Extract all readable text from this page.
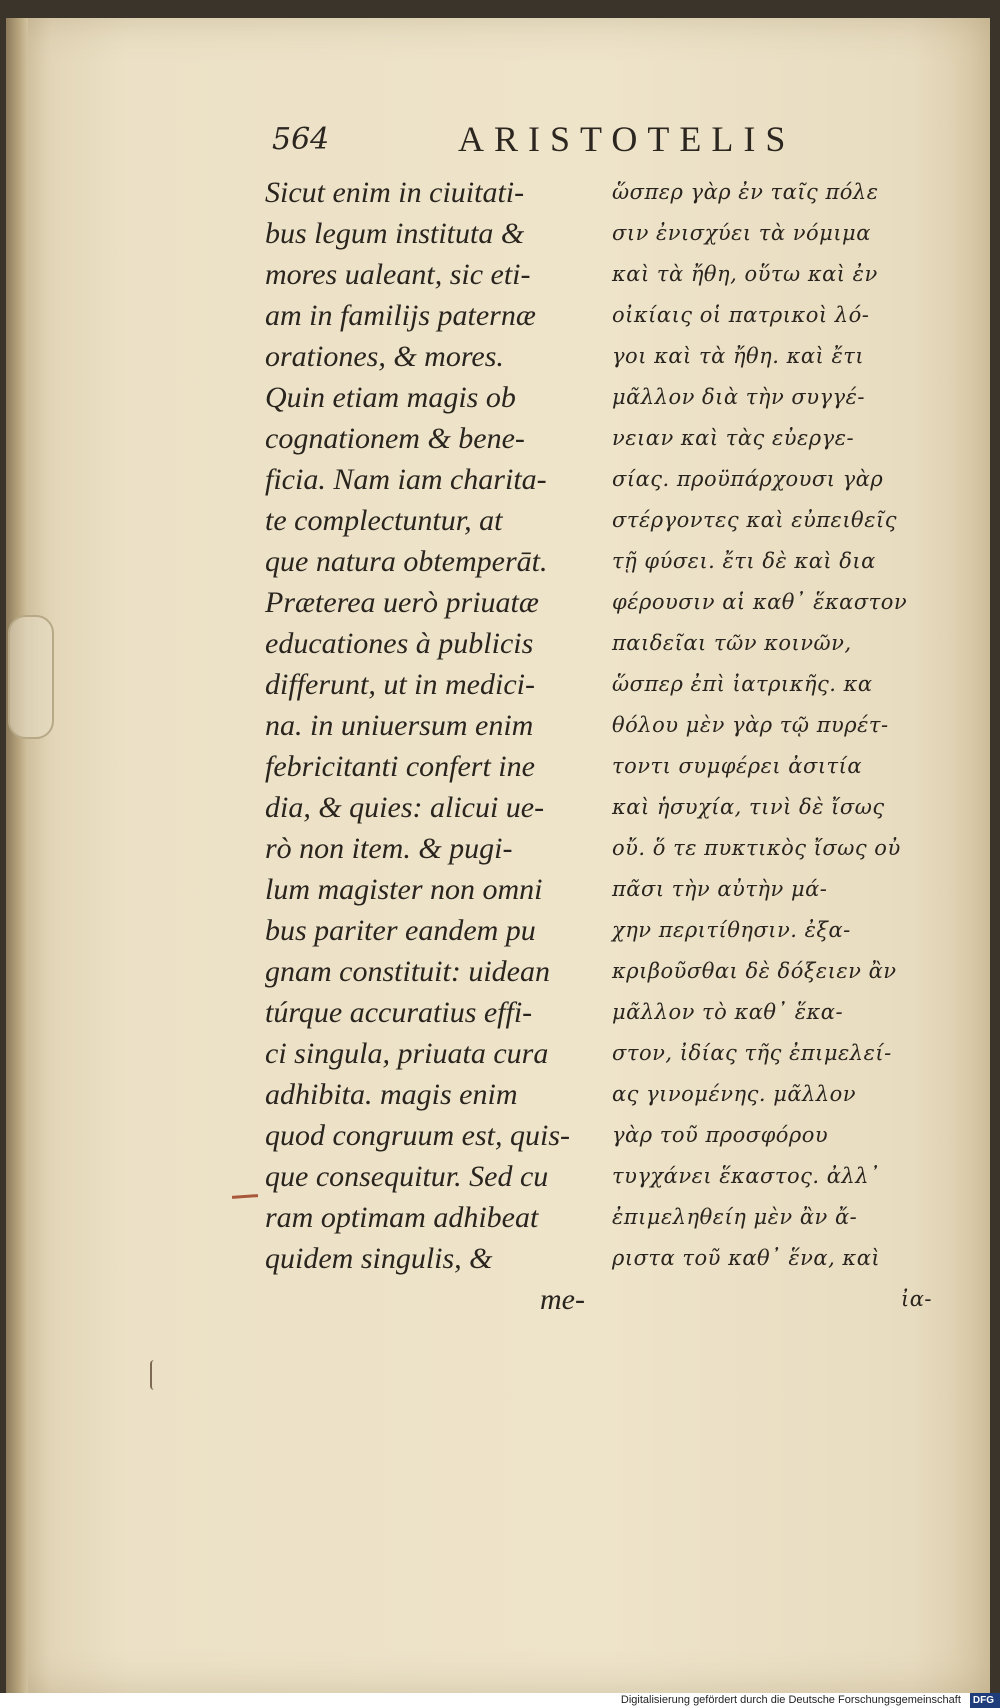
564	ARISTOTELIS
Sicut enim in ciuitati-
bus legum instituta &
mores ualeant, sic eti-
am in familijs paternæ
orationes, & mores.
Quin etiam magis ob
cognationem & bene-
ficia. Nam iam charita-
te complectuntur, at
que natura obtemperāt.
Præterea uerò priuatæ
educationes à publicis
differunt, ut in medici-
na. in uniuersum enim
febricitanti confert ine
dia, & quies: alicui ue-
rò non item. & pugi-
lum magister non omni
bus pariter eandem pu
gnam constituit: uidean
túrque accuratius effi-
ci singula, priuata cura
adhibita. magis enim
quod congruum est, quis-
que consequitur. Sed cu
ram optimam adhibeat
quidem singulis, &
me-
ὥσπερ γὰρ ἐν ταῖς πόλε
σιν ἐνισχύει τὰ νόμιμα
καὶ τὰ ἤθη, οὕτω καὶ ἐν
οἰκίαις οἱ πατρικοὶ λό-
γοι καὶ τὰ ἤθη. καὶ ἔτι
μᾶλλον διὰ τὴν συγγέ-
νειαν καὶ τὰς εὐεργε-
σίας. προϋπάρχουσι γὰρ
στέργοντες καὶ εὐπειθεῖς
τῇ φύσει. ἔτι δὲ καὶ δια
φέρουσιν αἱ καθ᾽ ἕκαστον
παιδεῖαι τῶν κοινῶν,
ὥσπερ ἐπὶ ἰατρικῆς. κα
θόλου μὲν γὰρ τῷ πυρέτ-
τοντι συμφέρει ἀσιτία
καὶ ἡσυχία, τινὶ δὲ ἴσως
οὔ. ὅ τε πυκτικὸς ἴσως οὐ
πᾶσι τὴν αὐτὴν μά-
χην περιτίθησιν. ἐξα-
κριβοῦσθαι δὲ δόξειεν ἂν
μᾶλλον τὸ καθ᾽ ἕκα-
στον, ἰδίας τῆς ἐπιμελεί-
ας γινομένης. μᾶλλον
γὰρ τοῦ προσφόρου
τυγχάνει ἕκαστος. ἀλλ᾽
ἐπιμεληθείη μὲν ἂν ἄ-
ριστα τοῦ καθ᾽ ἕνα, καὶ
ἰα-
Digitalisierung gefördert durch die Deutsche Forschungsgemeinschaft DFG
